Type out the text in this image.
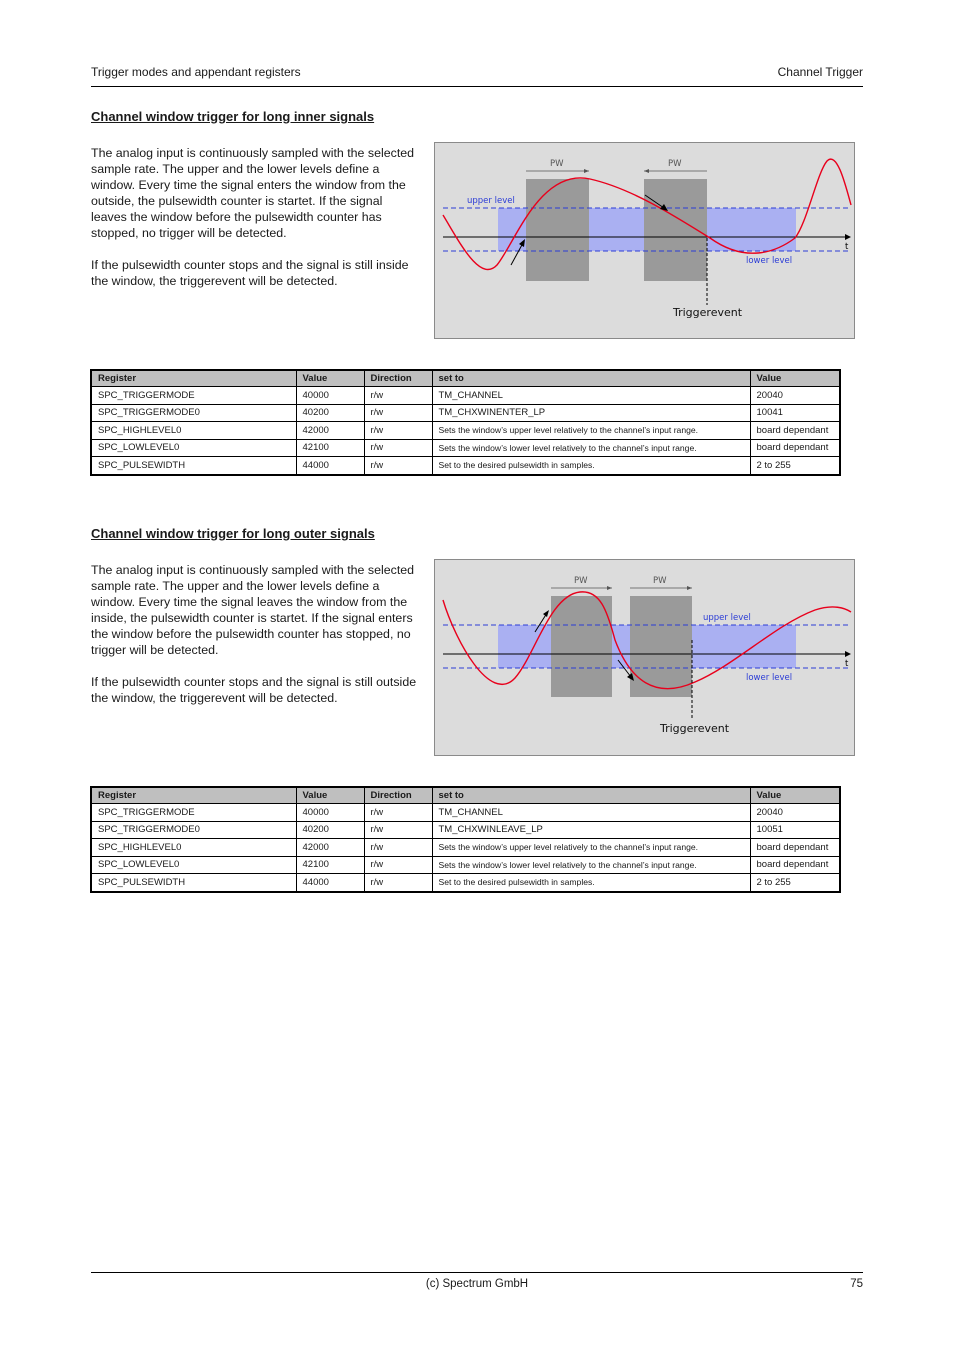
Trigger modes and appendant registers	Channel Trigger
Channel window trigger for long inner signals

The analog input is continuously sampled with the selected sample rate. The upper and the lower levels define a window. Every time the signal enters the window from the outside, the pulsewidth counter is startet. If the signal leaves the window before the pulsewidth counter has stopped, no trigger will be detected.

If the pulsewidth counter stops and the signal is still inside the window, the triggerevent will be detected.

PW	PW
upper level
lower level
t
Triggerevent
Register	Value	Direction	set to	Value
SPC_TRIGGERMODE	40000	r/w	TM_CHANNEL	20040
SPC_TRIGGERMODE0	40200	r/w	TM_CHXWINENTER_LP	10041
SPC_HIGHLEVEL0	42000	r/w	Sets the window’s upper level relatively to the channel’s input range.	board dependant
SPC_LOWLEVEL0	42100	r/w	Sets the window’s lower level relatively to the channel’s input range.	board dependant
SPC_PULSEWIDTH	44000	r/w	Set to the desired pulsewidth in samples.	2 to 255
Channel window trigger for long outer signals

The analog input is continuously sampled with the selected sample rate. The upper and the lower levels define a window. Every time the signal leaves the window from the inside, the pulsewidth counter is startet. If the signal enters the window before the pulsewidth counter has stopped, no trigger will be detected.

If the pulsewidth counter stops and the signal is still outside the window, the triggerevent will be detected.

PW	PW
upper level
lower level
t
Triggerevent
Register	Value	Direction	set to	Value
SPC_TRIGGERMODE	40000	r/w	TM_CHANNEL	20040
SPC_TRIGGERMODE0	40200	r/w	TM_CHXWINLEAVE_LP	10051
SPC_HIGHLEVEL0	42000	r/w	Sets the window’s upper level relatively to the channel’s input range.	board dependant
SPC_LOWLEVEL0	42100	r/w	Sets the window’s lower level relatively to the channel’s input range.	board dependant
SPC_PULSEWIDTH	44000	r/w	Set to the desired pulsewidth in samples.	2 to 255
(c) Spectrum GmbH	75
